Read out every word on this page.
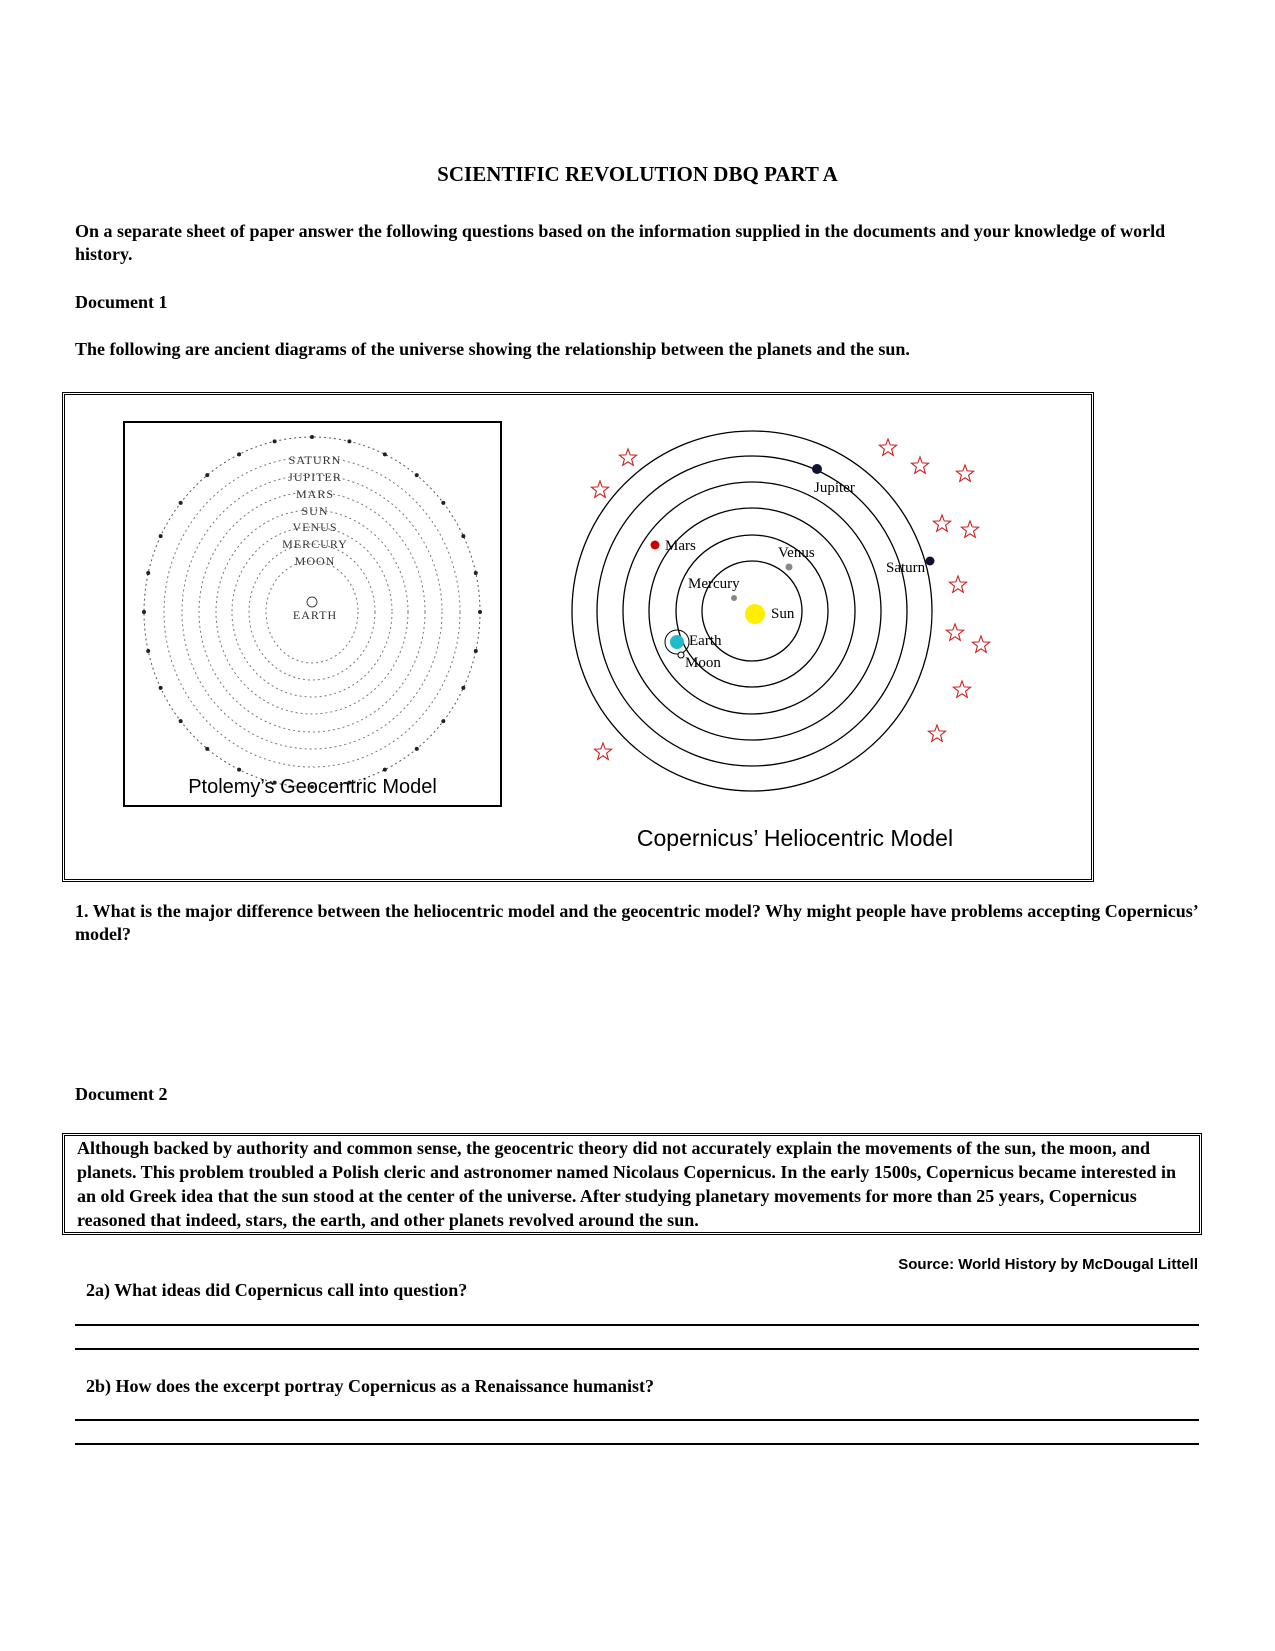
SCIENTIFIC REVOLUTION DBQ PART A
On a separate sheet of paper answer the following questions based on the information supplied in the documents and your knowledge of world history.
Document 1
The following are ancient diagrams of the universe showing the relationship between the planets and the sun.
SATURN
JUPITER
MARS
SUN
VENUS
MERCURY
MOON
EARTH
Jupiter
Mars	Venus
Saturn
Mercury
Sun
Earth
Moon
Ptolemy’s Geocentric Model
Copernicus’ Heliocentric Model
1. What is the major difference between the heliocentric model and the geocentric model? Why might people have problems accepting Copernicus’ model?
Document 2
Although backed by authority and common sense, the geocentric theory did not accurately explain the movements of the sun, the moon, and planets. This problem troubled a Polish cleric and astronomer named Nicolaus Copernicus. In the early 1500s, Copernicus became interested in an old Greek idea that the sun stood at the center of the universe. After studying planetary movements for more than 25 years, Copernicus reasoned that indeed, stars, the earth, and other planets revolved around the sun.
Source: World History by McDougal Littell
2a) What ideas did Copernicus call into question?
2b) How does the excerpt portray Copernicus as a Renaissance humanist?
